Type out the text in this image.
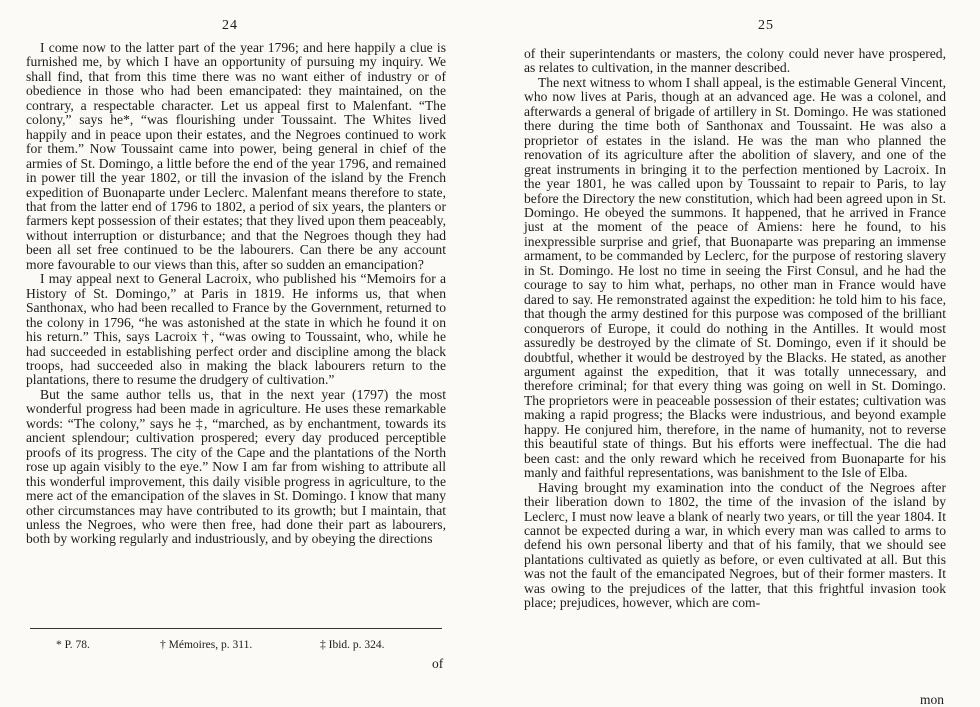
24

I come now to the latter part of the year 1796; and here happily a clue is furnished me, by which I have an opportunity of pursuing my inquiry. We shall find, that from this time there was no want either of industry or of obedience in those who had been emancipated: they maintained, on the contrary, a respectable character. Let us appeal first to Malenfant. “The colony,” says he*, “was flourishing under Toussaint. The Whites lived happily and in peace upon their estates, and the Negroes continued to work for them.” Now Toussaint came into power, being general in chief of the armies of St. Domingo, a little before the end of the year 1796, and remained in power till the year 1802, or till the invasion of the island by the French expedition of Buonaparte under Leclerc. Malenfant means therefore to state, that from the latter end of 1796 to 1802, a period of six years, the planters or farmers kept possession of their estates; that they lived upon them peaceably, without interruption or disturbance; and that the Negroes though they had been all set free continued to be the labourers. Can there be any account more favourable to our views than this, after so sudden an emancipation?

I may appeal next to General Lacroix, who published his “Memoirs for a History of St. Domingo,” at Paris in 1819. He informs us, that when Santhonax, who had been recalled to France by the Government, returned to the colony in 1796, “he was astonished at the state in which he found it on his return.” This, says Lacroix †, “was owing to Toussaint, who, while he had succeeded in establishing perfect order and discipline among the black troops, had succeeded also in making the black labourers return to the plantations, there to resume the drudgery of cultivation.”

But the same author tells us, that in the next year (1797) the most wonderful progress had been made in agriculture. He uses these remarkable words: “The colony,” says he ‡, “marched, as by enchantment, towards its ancient splendour; cultivation prospered; every day produced perceptible proofs of its progress. The city of the Cape and the plantations of the North rose up again visibly to the eye.” Now I am far from wishing to attribute all this wonderful improvement, this daily visible progress in agriculture, to the mere act of the emancipation of the slaves in St. Domingo. I know that many other circumstances may have contributed to its growth; but I maintain, that unless the Negroes, who were then free, had done their part as labourers, both by working regularly and industriously, and by obeying the directions

* P. 78.	† Mémoires, p. 311.	‡ Ibid. p. 324.
of
25

of their superintendants or masters, the colony could never have prospered, as relates to cultivation, in the manner described.

The next witness to whom I shall appeal, is the estimable General Vincent, who now lives at Paris, though at an advanced age. He was a colonel, and afterwards a general of brigade of artillery in St. Domingo. He was stationed there during the time both of Santhonax and Toussaint. He was also a proprietor of estates in the island. He was the man who planned the renovation of its agriculture after the abolition of slavery, and one of the great instruments in bringing it to the perfection mentioned by Lacroix. In the year 1801, he was called upon by Toussaint to repair to Paris, to lay before the Directory the new constitution, which had been agreed upon in St. Domingo. He obeyed the summons. It happened, that he arrived in France just at the moment of the peace of Amiens: here he found, to his inexpressible surprise and grief, that Buonaparte was preparing an immense armament, to be commanded by Leclerc, for the purpose of restoring slavery in St. Domingo. He lost no time in seeing the First Consul, and he had the courage to say to him what, perhaps, no other man in France would have dared to say. He remonstrated against the expedition: he told him to his face, that though the army destined for this purpose was composed of the brilliant conquerors of Europe, it could do nothing in the Antilles. It would most assuredly be destroyed by the climate of St. Domingo, even if it should be doubtful, whether it would be destroyed by the Blacks. He stated, as another argument against the expedition, that it was totally unnecessary, and therefore criminal; for that every thing was going on well in St. Domingo. The proprietors were in peaceable possession of their estates; cultivation was making a rapid progress; the Blacks were industrious, and beyond example happy. He conjured him, therefore, in the name of humanity, not to reverse this beautiful state of things. But his efforts were ineffectual. The die had been cast: and the only reward which he received from Buonaparte for his manly and faithful representations, was banishment to the Isle of Elba.

Having brought my examination into the conduct of the Negroes after their liberation down to 1802, the time of the invasion of the island by Leclerc, I must now leave a blank of nearly two years, or till the year 1804. It cannot be expected during a war, in which every man was called to arms to defend his own personal liberty and that of his family, that we should see plantations cultivated as quietly as before, or even cultivated at all. But this was not the fault of the emancipated Negroes, but of their former masters. It was owing to the prejudices of the latter, that this frightful invasion took place; prejudices, however, which are com-

mon
